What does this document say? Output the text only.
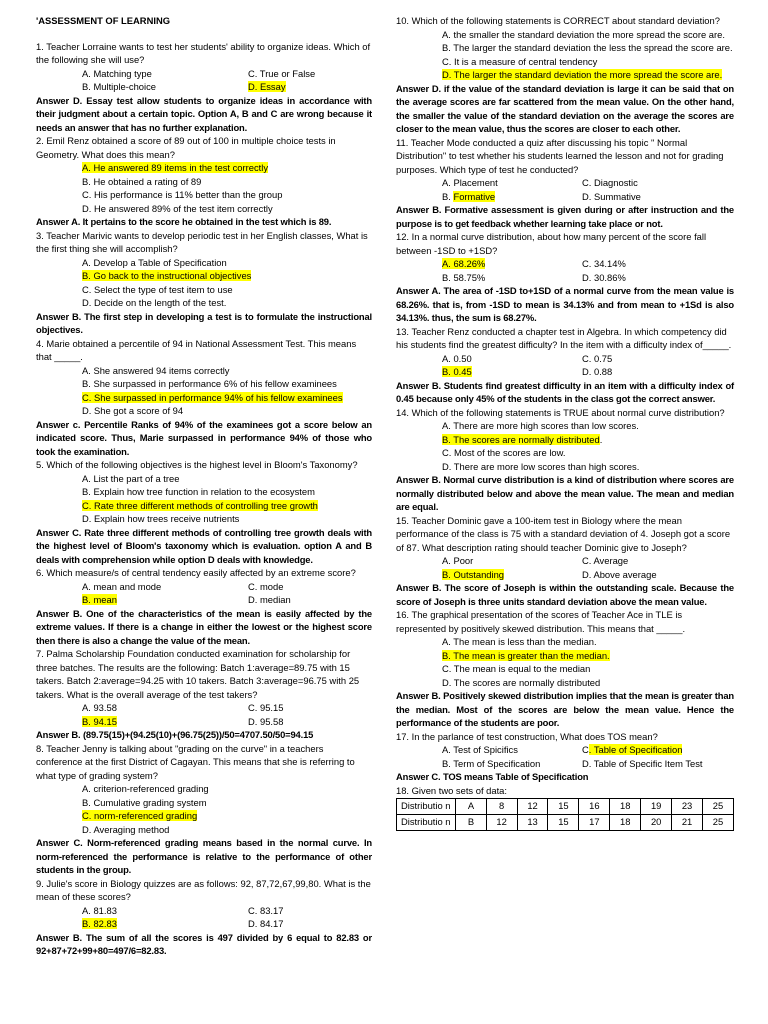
'ASSESSMENT OF LEARNING

1. Teacher Lorraine wants to test her students' ability to organize ideas. Which of the following she will use?

A. Matching type	C. True or False
B. Multiple-choice	D. Essay

Answer D. Essay test allow students to organize ideas in accordance with their judgment about a certain topic. Option A, B and C are wrong because it needs an answer that has no further explanation.

2. Emil Renz obtained a score of 89 out of 100 in multiple choice tests in Geometry. What does this mean?

A. He answered 89 items in the test correctly
B. He obtained a rating of 89
C. His performance is 11% better than the group
D. He answered 89% of the test item correctly

Answer A. It pertains to the score he obtained in the test which is 89.

3. Teacher Marivic wants to develop periodic test in her English classes, What is the first thing she will accomplish?

A. Develop a Table of Specification
B. Go back to the instructional objectives
C. Select the type of test item to use
D. Decide on the length of the test.

Answer B. The first step in developing a test is to formulate the instructional objectives.

4. Marie obtained a percentile of 94 in National Assessment Test. This means that _____.

A. She answered 94 items correctly
B. She surpassed in performance 6% of his fellow examinees
C. She surpassed in performance 94% of his fellow examinees
D. She got a score of 94

Answer c. Percentile Ranks of 94% of the examinees got a score below an indicated score. Thus, Marie surpassed in performance 94% of those who took the examination.

5. Which of the following objectives is the highest level in Bloom's Taxonomy?

A. List the part of a tree
B. Explain how tree function in relation to the ecosystem
C. Rate three different methods of controlling tree growth
D. Explain how trees receive nutrients

Answer C. Rate three different methods of controlling tree growth deals with the highest level of Bloom's taxonomy which is evaluation. option A and B deals with comprehension while option D deals with knowledge.

6. Which measure/s of central tendency easily affected by an extreme score?

A. mean and mode	C. mode
B. mean	D. median

Answer B. One of the characteristics of the mean is easily affected by the extreme values. If there is a change in either the lowest or the highest score then there is also a change the value of the mean.

7. Palma Scholarship Foundation conducted examination for scholarship for three batches. The results are the following: Batch 1:average=89.75 with 15 takers. Batch 2:average=94.25 with 10 takers. Batch 3:average=96.75 with 25 takers. What is the overall average of the test takers?

A. 93.58	C. 95.15
B. 94.15	D. 95.58

Answer B. (89.75(15)+(94.25(10)+(96.75(25))/50=4707.50/50=94.15

8. Teacher Jenny is talking about "grading on the curve" in a teachers conference at the first District of Cagayan. This means that she is referring to what type of grading system?

A. criterion-referenced grading
B. Cumulative grading system
C. norm-referenced grading
D. Averaging method

Answer C. Norm-referenced grading means based in the normal curve. In norm-referenced the performance is relative to the performance of other students in the group.

9. Julie's score in Biology quizzes are as follows: 92, 87,72,67,99,80. What is the mean of these scores?

A. 81.83	C. 83.17
B. 82.83	D. 84.17

Answer B. The sum of all the scores is 497 divided by 6 equal to 82.83 or 92+87+72+99+80=497/6=82.83.

10. Which of the following statements is CORRECT about standard deviation?

A. the smaller the standard deviation the more spread the score are.
B. The larger the standard deviation the less the spread the score are.
C. It is a measure of central tendency
D. The larger the standard deviation the more spread the score are.

Answer D. if the value of the standard deviation is large it can be said that on the average scores are far scattered from the mean value. On the other hand, the smaller the value of the standard deviation on the average the scores are closer to the mean value, thus the scores are closer to each other.

11. Teacher Mode conducted a quiz after discussing his topic " Normal Distribution" to test whether his students learned the lesson and not for grading purposes. Which type of test he conducted?

A. Placement	C. Diagnostic
B. Formative	D. Summative

Answer B. Formative assessment is given during or after instruction and the purpose is to get feedback whether learning take place or not.

12. In a normal curve distribution, about how many percent of the score fall between -1SD to +1SD?

A. 68.26%	C. 34.14%
B. 58.75%	D. 30.86%

Answer A. The area of -1SD to+1SD of a normal curve from the mean value is 68.26%. that is, from -1SD to mean is 34.13% and from mean to +1Sd is also 34.13%. thus, the sum is 68.27%.

13. Teacher Renz conducted a chapter test in Algebra. In which competency did his students find the greatest difficulty? In the item with a difficulty index of_____.

A. 0.50	C. 0.75
B. 0.45	D. 0.88

Answer B. Students find greatest difficulty in an item with a difficulty index of 0.45 because only 45% of the students in the class got the correct answer.

14. Which of the following statements is TRUE about normal curve distribution?

A. There are more high scores than low scores.
B. The scores are normally distributed.
C. Most of the scores are low.
D. There are more low scores than high scores.

Answer B. Normal curve distribution is a kind of distribution where scores are normally distributed below and above the mean value. The mean and median are equal.

15. Teacher Dominic gave a 100-item test in Biology where the mean performance of the class is 75 with a standard deviation of 4. Joseph got a score of 87. What description rating should teacher Dominic give to Joseph?

A. Poor	C. Average
B. Outstanding	D. Above average

Answer B. The score of Joseph is within the outstanding scale. Because the score of Joseph is three units standard deviation above the mean value.

16. The graphical presentation of the scores of Teacher Ace in TLE is represented by positively skewed distribution. This means that _____.

A. The mean is less than the median.
B. The mean is greater than the median.
C. The mean is equal to the median
D. The scores are normally distributed

Answer B. Positively skewed distribution implies that the mean is greater than the median. Most of the scores are below the mean value. Hence the performance of the students are poor.

17. In the parlance of test construction, What does TOS mean?

A. Test of Spicifics	C. Table of Specification
B. Term of Specification	D. Table of Specific Item Test

Answer C. TOS means Table of Specification

18. Given two sets of data:

Distributio n	A	8	12	15	16	18	19	23	25
Distributio n	B	12	13	15	17	18	20	21	25
